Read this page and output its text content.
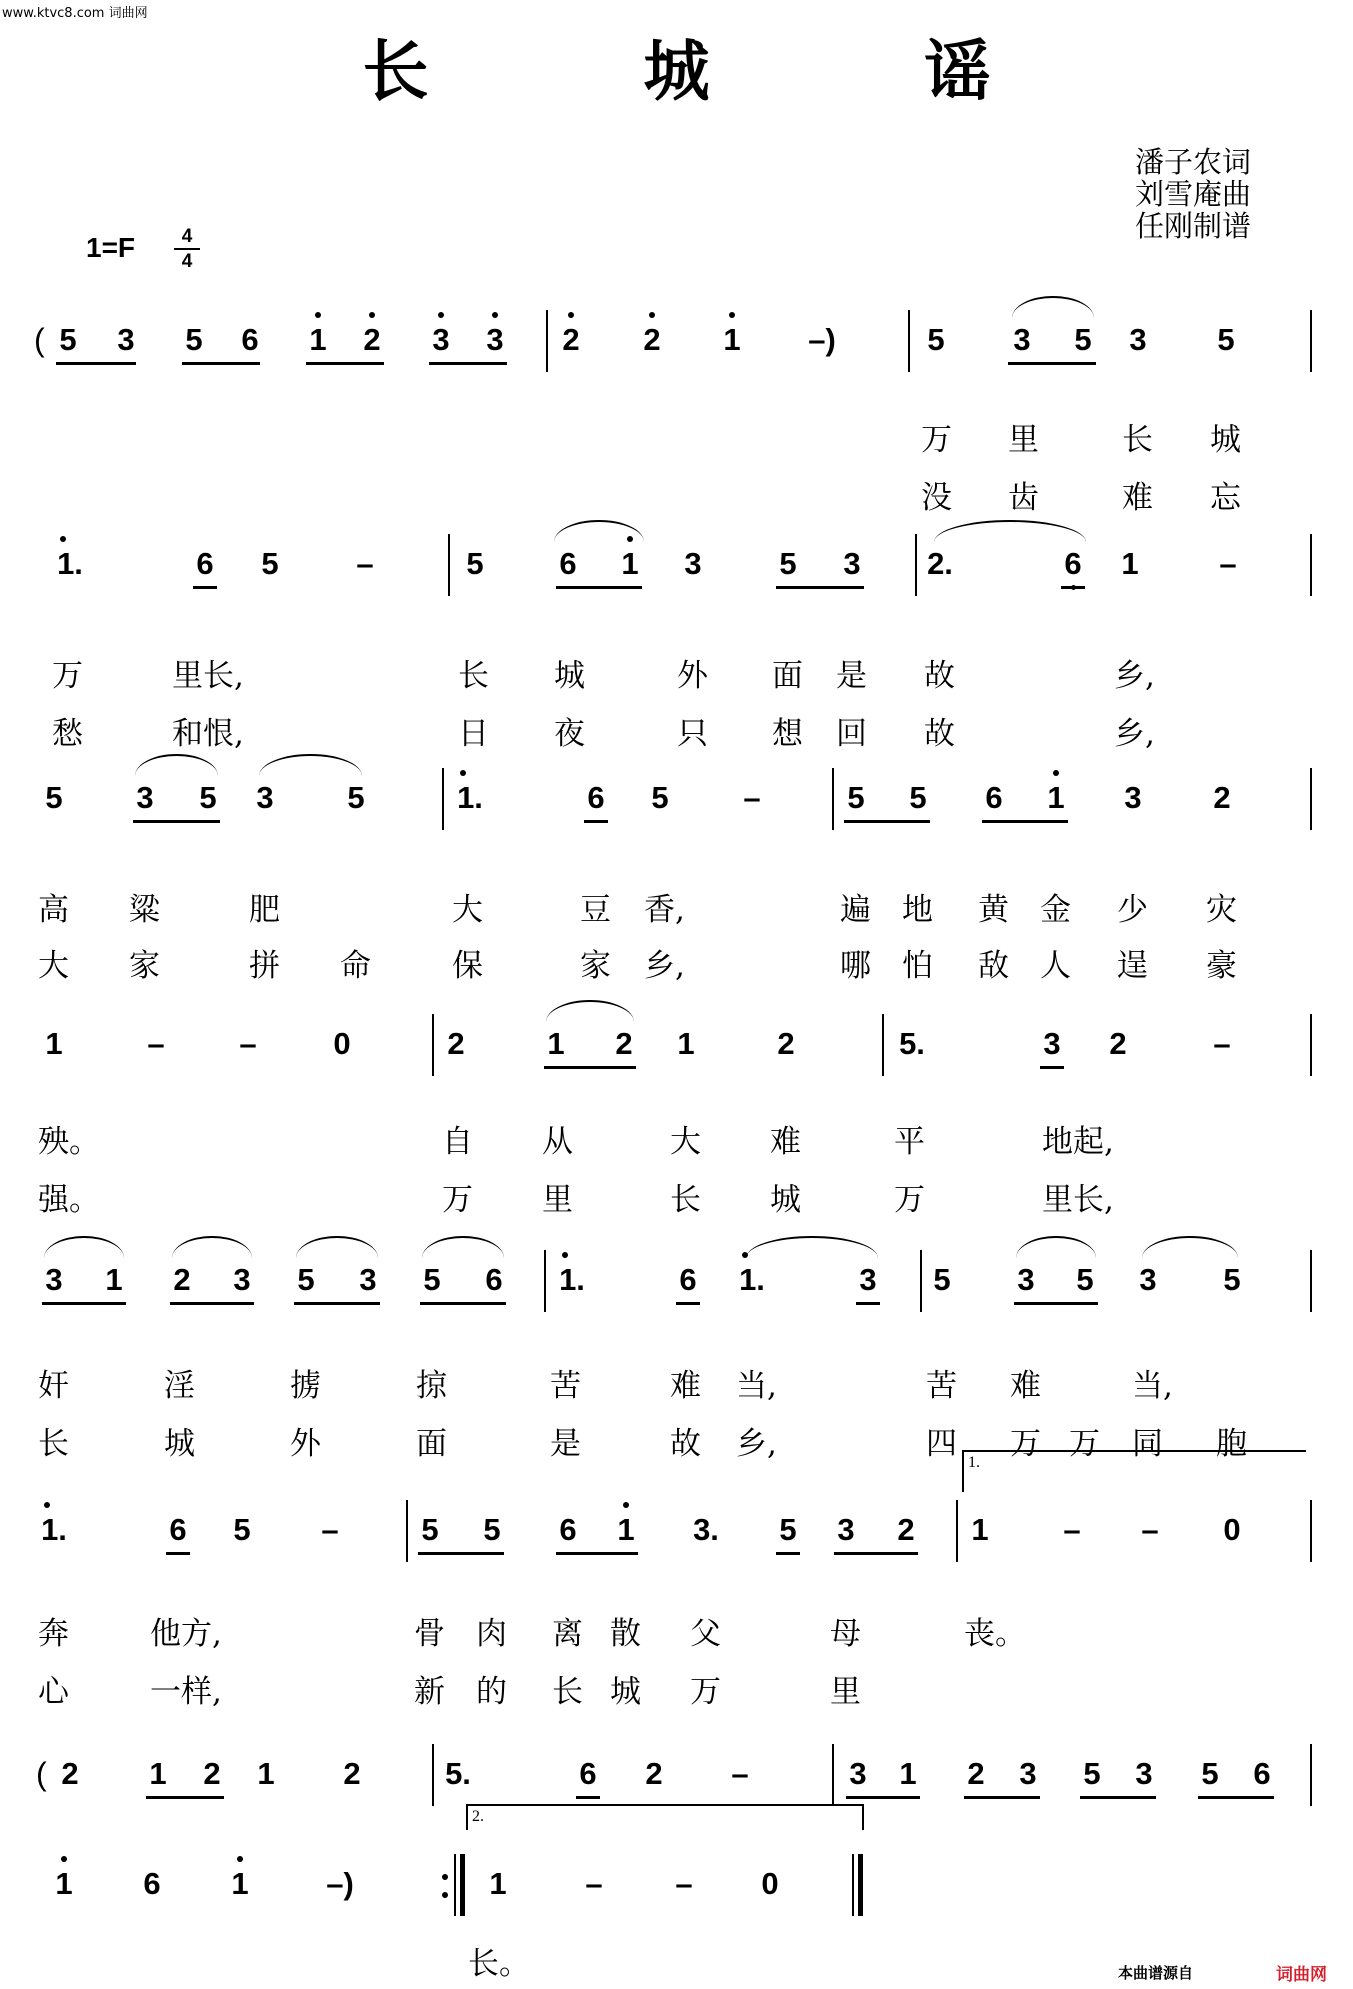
www.ktvc8.com 词曲网
长 城 谣
潘子农词
刘雪庵曲
任刚制谱
1=F	4
4
( 5	3	5	6	1	2	3	3	2	2	1	–)	5	3	5	3	5
万 里	长 城
没 齿	难 忘
1.	6	5	–	5	6	1	3	5	3	2.	6	1	–
万	里长,	长 城	外 面 是 故	乡,
愁	和恨,	日 夜	只 想 回 故	乡,
5	3	5	3	5	1.	6	5	–	5	5	6	1	3	2
高 粱	肥	大	豆 香,	遍 地 黄 金 少 灾
大 家	拼 命	保	家 乡,	哪 怕 敌 人 逞 豪
1	–	–	0	2	1	2	1	2	5.	3	2	–
殃。	自 从	大 难	平	地起,
强。	万 里	长 城	万	里长,
3	1	2	3	5	3	5	6	1.	6	1.	3	5	3	5	3	5
奸	淫	掳	掠	苦	难 当,	苦 难	当,
长	城	外	面	是	故 乡,	四 万 万 同 胞
1.	6	5	–	5	5	6	1	3.	5	3	2	1	–	–	0
1.
奔	他方,	骨 肉 离 散 父	母	丧。
心	一样,	新 的 长 城 万	里
( 2	1	2	1	2	5.	6	2	–	3	1	2	3	5	3	5	6
1	6	1	–)	1	–	–	0
2.
长。	本曲谱源自	词曲网
